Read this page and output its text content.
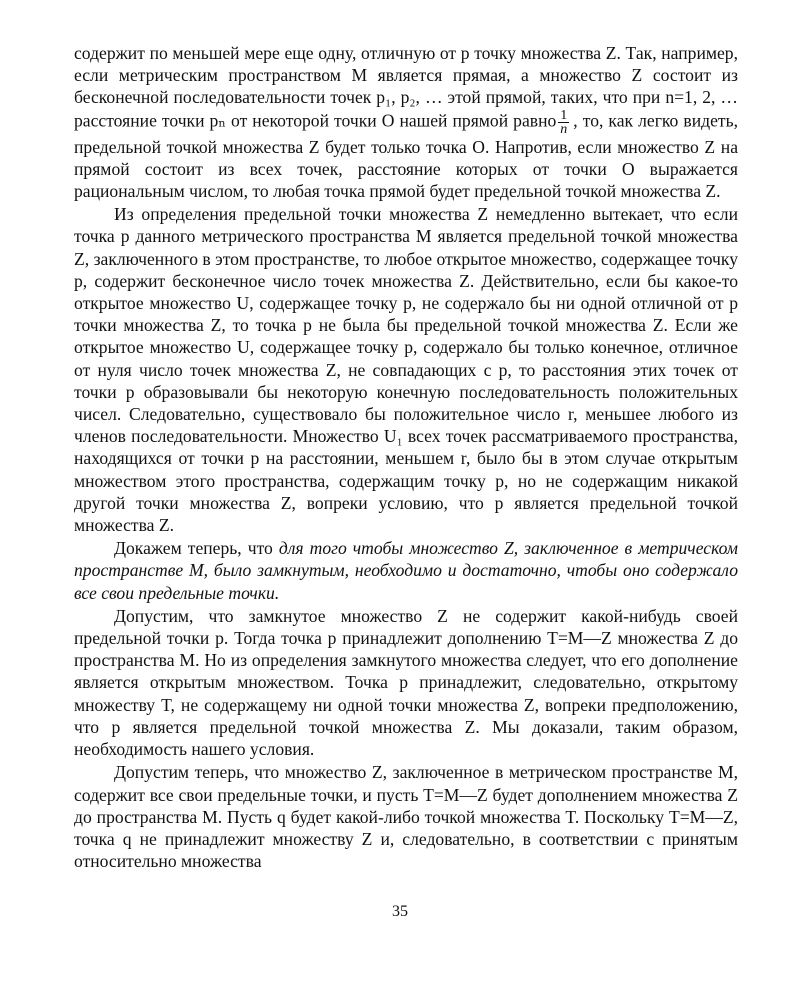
содержит по меньшей мере еще одну, отличную от p точку множества Z. Так, например, если метрическим пространством M является прямая, а множество Z состоит из бесконечной последовательности точек p₁, p₂, … этой прямой, таких, что при n=1, 2, … расстояние точки pₙ от некоторой точки O нашей прямой равно $\frac{1}{n}$ , то, как легко видеть, предельной точкой множества Z будет только точка O. Напротив, если множество Z на прямой состоит из всех точек, расстояние которых от точки O выражается рациональным числом, то любая точка прямой будет предельной точкой множества Z.

Из определения предельной точки множества Z немедленно вытекает, что если точка p данного метрического пространства M является предельной точкой множества Z, заключенного в этом пространстве, то любое открытое множество, содержащее точку p, содержит бесконечное число точек множества Z. Действительно, если бы какое-то открытое множество U, содержащее точку p, не содержало бы ни одной отличной от p точки множества Z, то точка p не была бы предельной точкой множества Z. Если же открытое множество U, содержащее точку p, содержало бы только конечное, отличное от нуля число точек множества Z, не совпадающих с p, то расстояния этих точек от точки p образовывали бы некоторую конечную последовательность положительных чисел. Следовательно, существовало бы положительное число r, меньшее любого из членов последовательности. Множество U₁ всех точек рассматриваемого пространства, находящихся от точки p на расстоянии, меньшем r, было бы в этом случае открытым множеством этого пространства, содержащим точку p, но не содержащим никакой другой точки множества Z, вопреки условию, что p является предельной точкой множества Z.

Докажем теперь, что для того чтобы множество Z, заключенное в метрическом пространстве M, было замкнутым, необходимо и достаточно, чтобы оно содержало все свои предельные точки.

Допустим, что замкнутое множество Z не содержит какой-нибудь своей предельной точки p. Тогда точка p принадлежит дополнению T=M—Z множества Z до пространства M. Но из определения замкнутого множества следует, что его дополнение является открытым множеством. Точка p принадлежит, следовательно, открытому множеству T, не содержащему ни одной точки множества Z, вопреки предположению, что p является предельной точкой множества Z. Мы доказали, таким образом, необходимость нашего условия.

Допустим теперь, что множество Z, заключенное в метрическом пространстве M, содержит все свои предельные точки, и пусть T=M—Z будет дополнением множества Z до пространства M. Пусть q будет какой-либо точкой множества T. Поскольку T=M—Z, точка q не принадлежит множеству Z и, следовательно, в соответствии с принятым относительно множества

35
